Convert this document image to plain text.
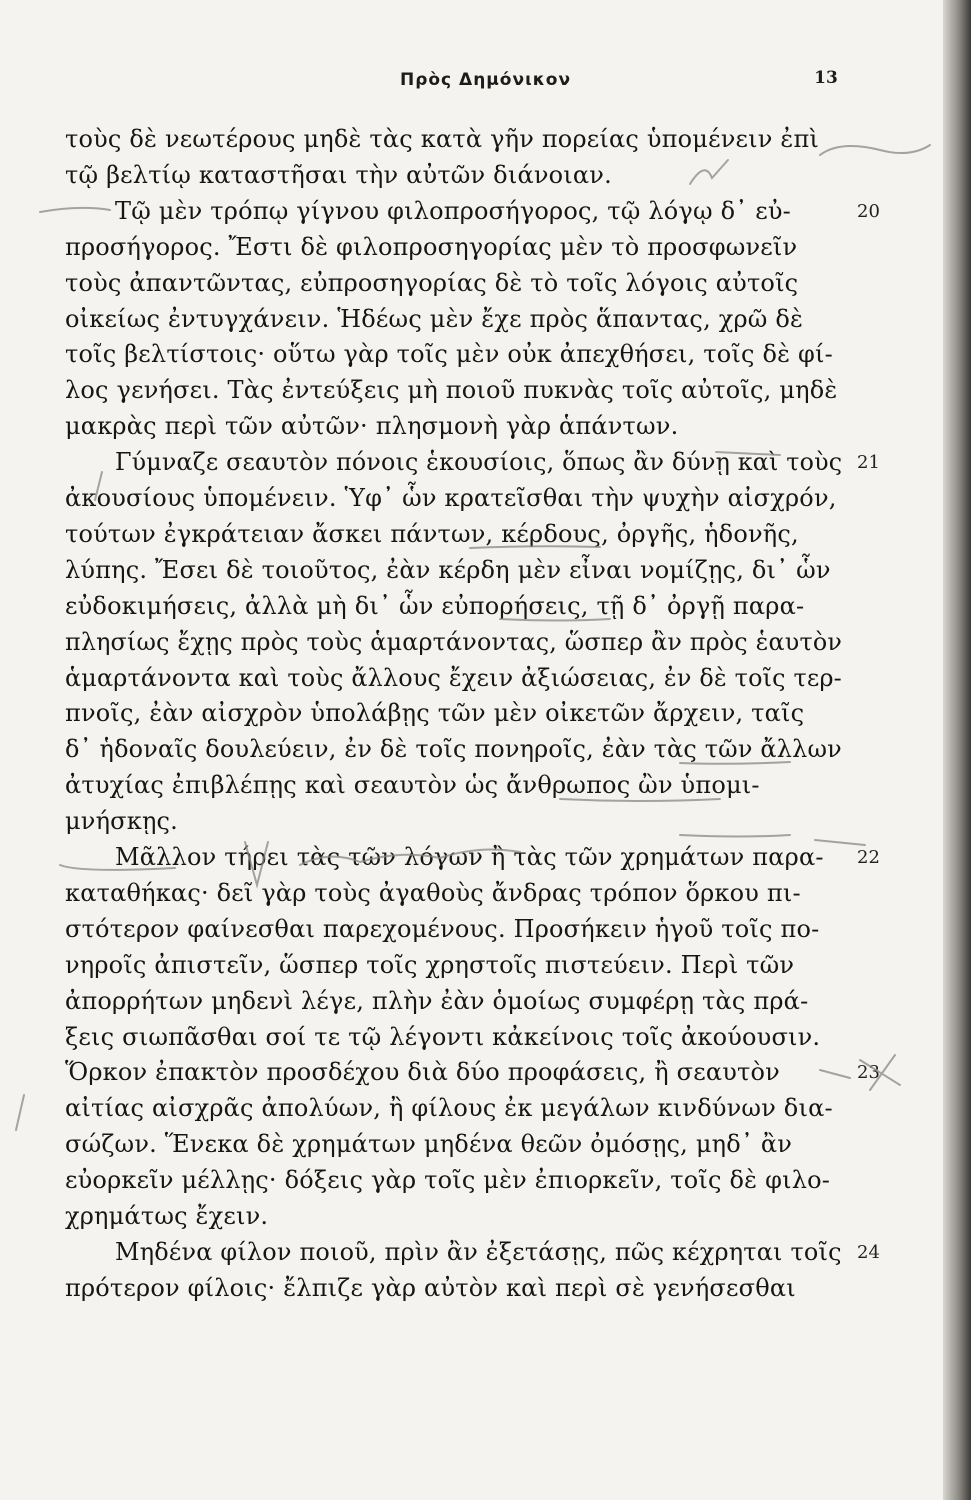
Πρὸς Δημόνικον	13
τοὺς δὲ νεωτέρους μηδὲ τὰς κατὰ γῆν πορείας ὑπομένειν ἐπὶ
τῷ βελτίῳ καταστῆσαι τὴν αὐτῶν διάνοιαν.
Τῷ μὲν τρόπῳ γίγνου φιλοπροσήγορος, τῷ λόγῳ δ᾽ εὐ-	20
προσήγορος. Ἔστι δὲ φιλοπροσηγορίας μὲν τὸ προσφωνεῖν
τοὺς ἀπαντῶντας, εὐπροσηγορίας δὲ τὸ τοῖς λόγοις αὐτοῖς
οἰκείως ἐντυγχάνειν. Ἡδέως μὲν ἔχε πρὸς ἅπαντας, χρῶ δὲ
τοῖς βελτίστοις· οὕτω γὰρ τοῖς μὲν οὐκ ἀπεχθήσει, τοῖς δὲ φί-
λος γενήσει. Τὰς ἐντεύξεις μὴ ποιοῦ πυκνὰς τοῖς αὐτοῖς, μηδὲ
μακρὰς περὶ τῶν αὐτῶν· πλησμονὴ γὰρ ἁπάντων.
Γύμναζε σεαυτὸν πόνοις ἑκουσίοις, ὅπως ἂν δύνῃ καὶ τοὺς 21
ἀκουσίους ὑπομένειν. Ὑφ᾽ ὧν κρατεῖσθαι τὴν ψυχὴν αἰσχρόν,
τούτων ἐγκράτειαν ἄσκει πάντων, κέρδους, ὀργῆς, ἡδονῆς,
λύπης. Ἔσει δὲ τοιοῦτος, ἐὰν κέρδη μὲν εἶναι νομίζῃς, δι᾽ ὧν
εὐδοκιμήσεις, ἀλλὰ μὴ δι᾽ ὧν εὐπορήσεις, τῇ δ᾽ ὀργῇ παρα-
πλησίως ἔχῃς πρὸς τοὺς ἁμαρτάνοντας, ὥσπερ ἂν πρὸς ἑαυτὸν
ἁμαρτάνοντα καὶ τοὺς ἄλλους ἔχειν ἀξιώσειας, ἐν δὲ τοῖς τερ-
πνοῖς, ἐὰν αἰσχρὸν ὑπολάβῃς τῶν μὲν οἰκετῶν ἄρχειν, ταῖς
δ᾽ ἡδοναῖς δουλεύειν, ἐν δὲ τοῖς πονηροῖς, ἐὰν τὰς τῶν ἄλλων
ἀτυχίας ἐπιβλέπῃς καὶ σεαυτὸν ὡς ἄνθρωπος ὢν ὑπομι-
μνήσκῃς.
Μᾶλλον τήρει τὰς τῶν λόγων ἢ τὰς τῶν χρημάτων παρα- 22
καταθήκας· δεῖ γὰρ τοὺς ἀγαθοὺς ἄνδρας τρόπον ὅρκου πι-
στότερον φαίνεσθαι παρεχομένους. Προσήκειν ἡγοῦ τοῖς πο-
νηροῖς ἀπιστεῖν, ὥσπερ τοῖς χρηστοῖς πιστεύειν. Περὶ τῶν
ἀπορρήτων μηδενὶ λέγε, πλὴν ἐὰν ὁμοίως συμφέρῃ τὰς πρά-
ξεις σιωπᾶσθαι σοί τε τῷ λέγοντι κἀκείνοις τοῖς ἀκούουσιν.
Ὅρκον ἐπακτὸν προσδέχου διὰ δύο προφάσεις, ἢ σεαυτὸν	23
αἰτίας αἰσχρᾶς ἀπολύων, ἢ φίλους ἐκ μεγάλων κινδύνων δια-
σώζων. Ἕνεκα δὲ χρημάτων μηδένα θεῶν ὀμόσῃς, μηδ᾽ ἂν
εὐορκεῖν μέλλῃς· δόξεις γὰρ τοῖς μὲν ἐπιορκεῖν, τοῖς δὲ φιλο-
χρημάτως ἔχειν.
Μηδένα φίλον ποιοῦ, πρὶν ἂν ἐξετάσῃς, πῶς κέχρηται τοῖς 24
πρότερον φίλοις· ἔλπιζε γὰρ αὐτὸν καὶ περὶ σὲ γενήσεσθαι
